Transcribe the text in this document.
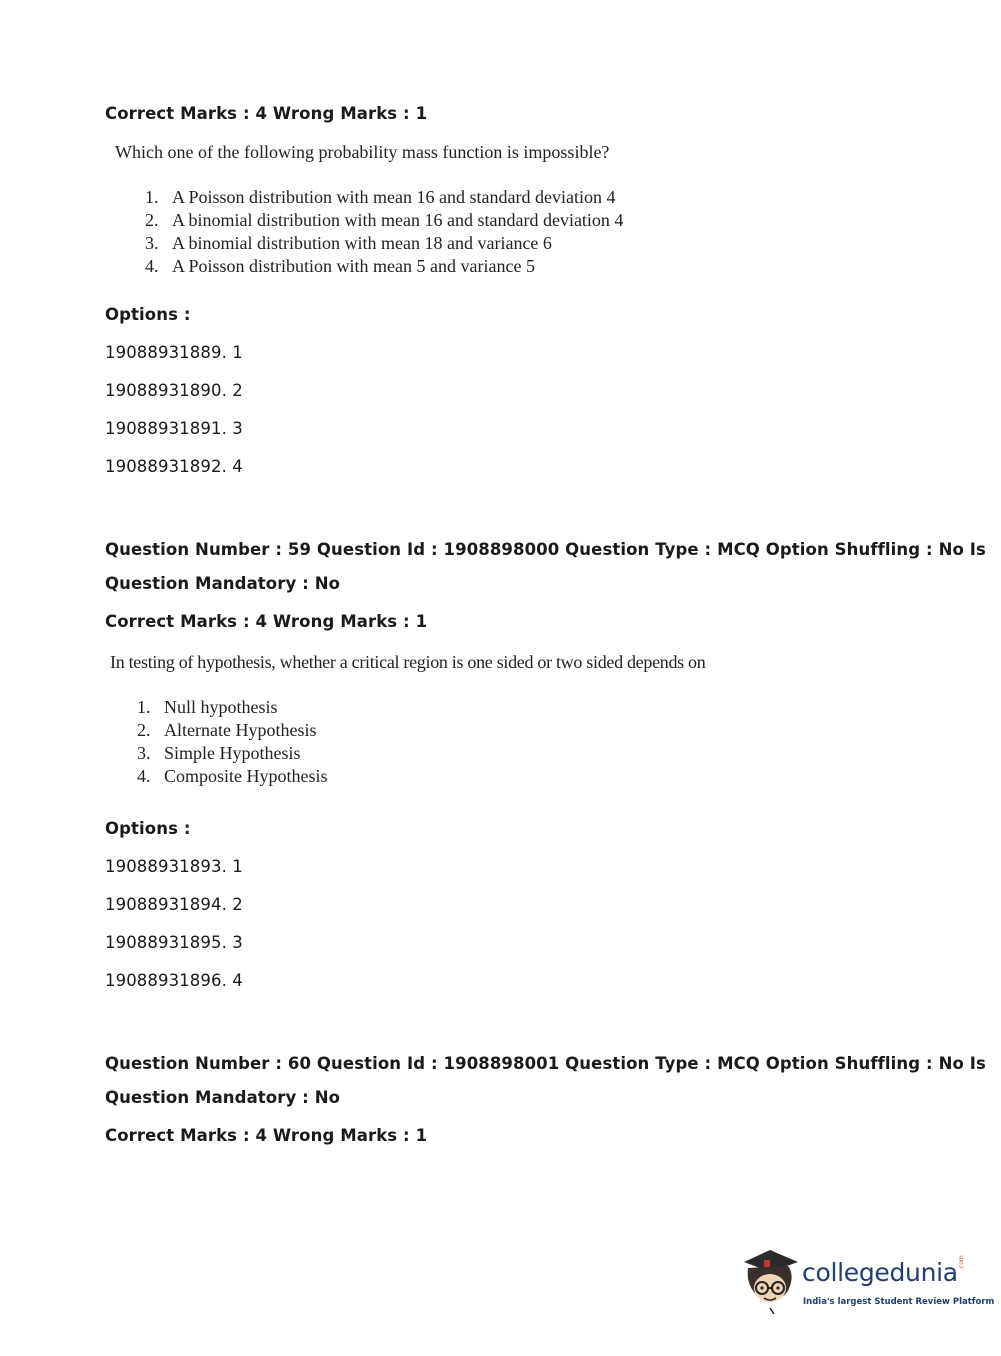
Correct Marks : 4 Wrong Marks : 1
Which one of the following probability mass function is impossible?
1. A Poisson distribution with mean 16 and standard deviation 4
2. A binomial distribution with mean 16 and standard deviation 4
3. A binomial distribution with mean 18 and variance 6
4. A Poisson distribution with mean 5 and variance 5
Options :
19088931889. 1
19088931890. 2
19088931891. 3
19088931892. 4
Question Number : 59 Question Id : 1908898000 Question Type : MCQ Option Shuffling : No Is
Question Mandatory : No
Correct Marks : 4 Wrong Marks : 1
In testing of hypothesis, whether a critical region is one sided or two sided depends on
1. Null hypothesis
2. Alternate Hypothesis
3. Simple Hypothesis
4. Composite Hypothesis
Options :
19088931893. 1
19088931894. 2
19088931895. 3
19088931896. 4
Question Number : 60 Question Id : 1908898001 Question Type : MCQ Option Shuffling : No Is
Question Mandatory : No
Correct Marks : 4 Wrong Marks : 1
collegedunia .com
India's largest Student Review Platform
